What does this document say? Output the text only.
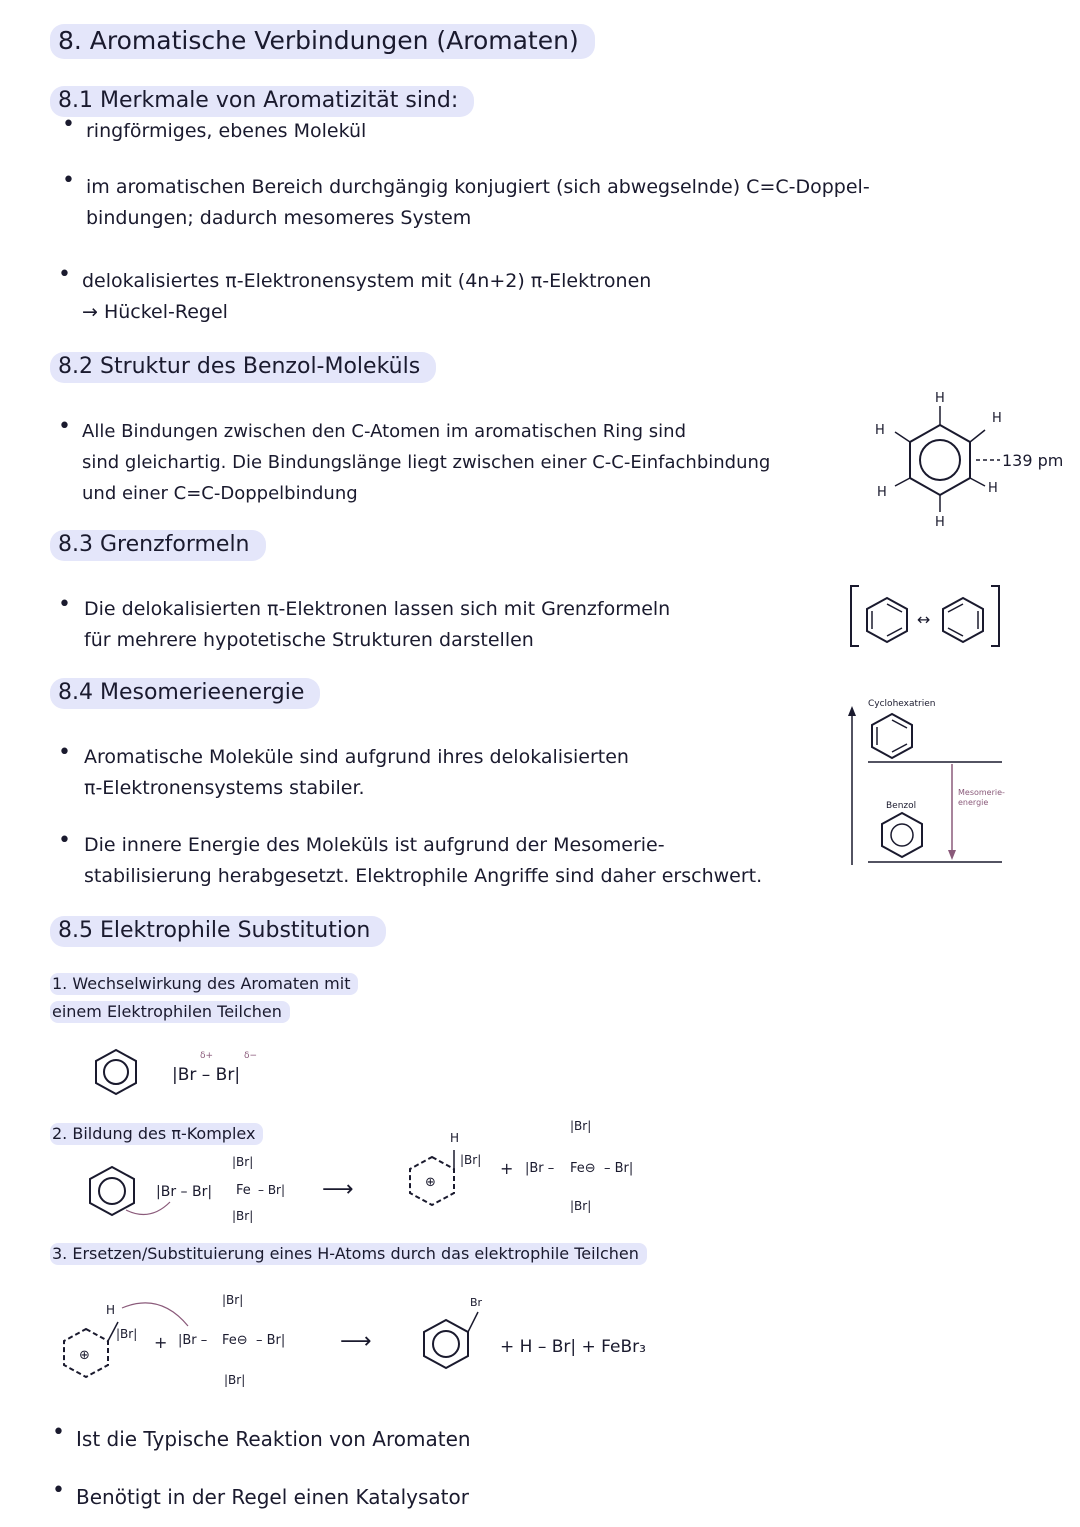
8. Aromatische Verbindungen (Aromaten)
8.1 Merkmale von Aromatizität sind:
• ringförmiges, ebenes Molekül
• im aromatischen Bereich durchgängig konjugiert (sich abwegselnde) C=C-Doppel-
bindungen; dadurch mesomeres System
• delokalisiertes π-Elektronensystem mit (4n+2) π-Elektronen
→ Hückel-Regel
8.2 Struktur des Benzol-Moleküls
• Alle Bindungen zwischen den C-Atomen im aromatischen Ring sind
sind gleichartig. Die Bindungslänge liegt zwischen einer C-C-Einfachbindung
und einer C=C-Doppelbindung
H
H
H
H
H
H
139 pm
8.3 Grenzformeln
• Die delokalisierten π-Elektronen lassen sich mit Grenzformeln
für mehrere hypotetische Strukturen darstellen
↔
8.4 Mesomerieenergie
• Aromatische Moleküle sind aufgrund ihres delokalisierten
π-Elektronensystems stabiler.
• Die innere Energie des Moleküls ist aufgrund der Mesomerie-
stabilisierung herabgesetzt. Elektrophile Angriffe sind daher erschwert.
Cyclohexatrien
Benzol
Mesomerie-
energie
8.5 Elektrophile Substitution
1. Wechselwirkung des Aromaten mit
einem Elektrophilen Teilchen
|Br – Br|
δ+	δ−
2. Bildung des π-Komplex
|Br – Br|
|Br|
Fe – Br|
|Br|
⟶	⊕
H
|Br| + |Br –
|Br|
Fe⊖ – Br|
|Br|
3. Ersetzen/Substituierung eines H-Atoms durch das elektrophile Teilchen
⊕
H
|Br| + |Br –
|Br|
Fe⊖ – Br|
|Br|
⟶
Br
+ H – Br| + FeBr₃
• Ist die Typische Reaktion von Aromaten
• Benötigt in der Regel einen Katalysator
